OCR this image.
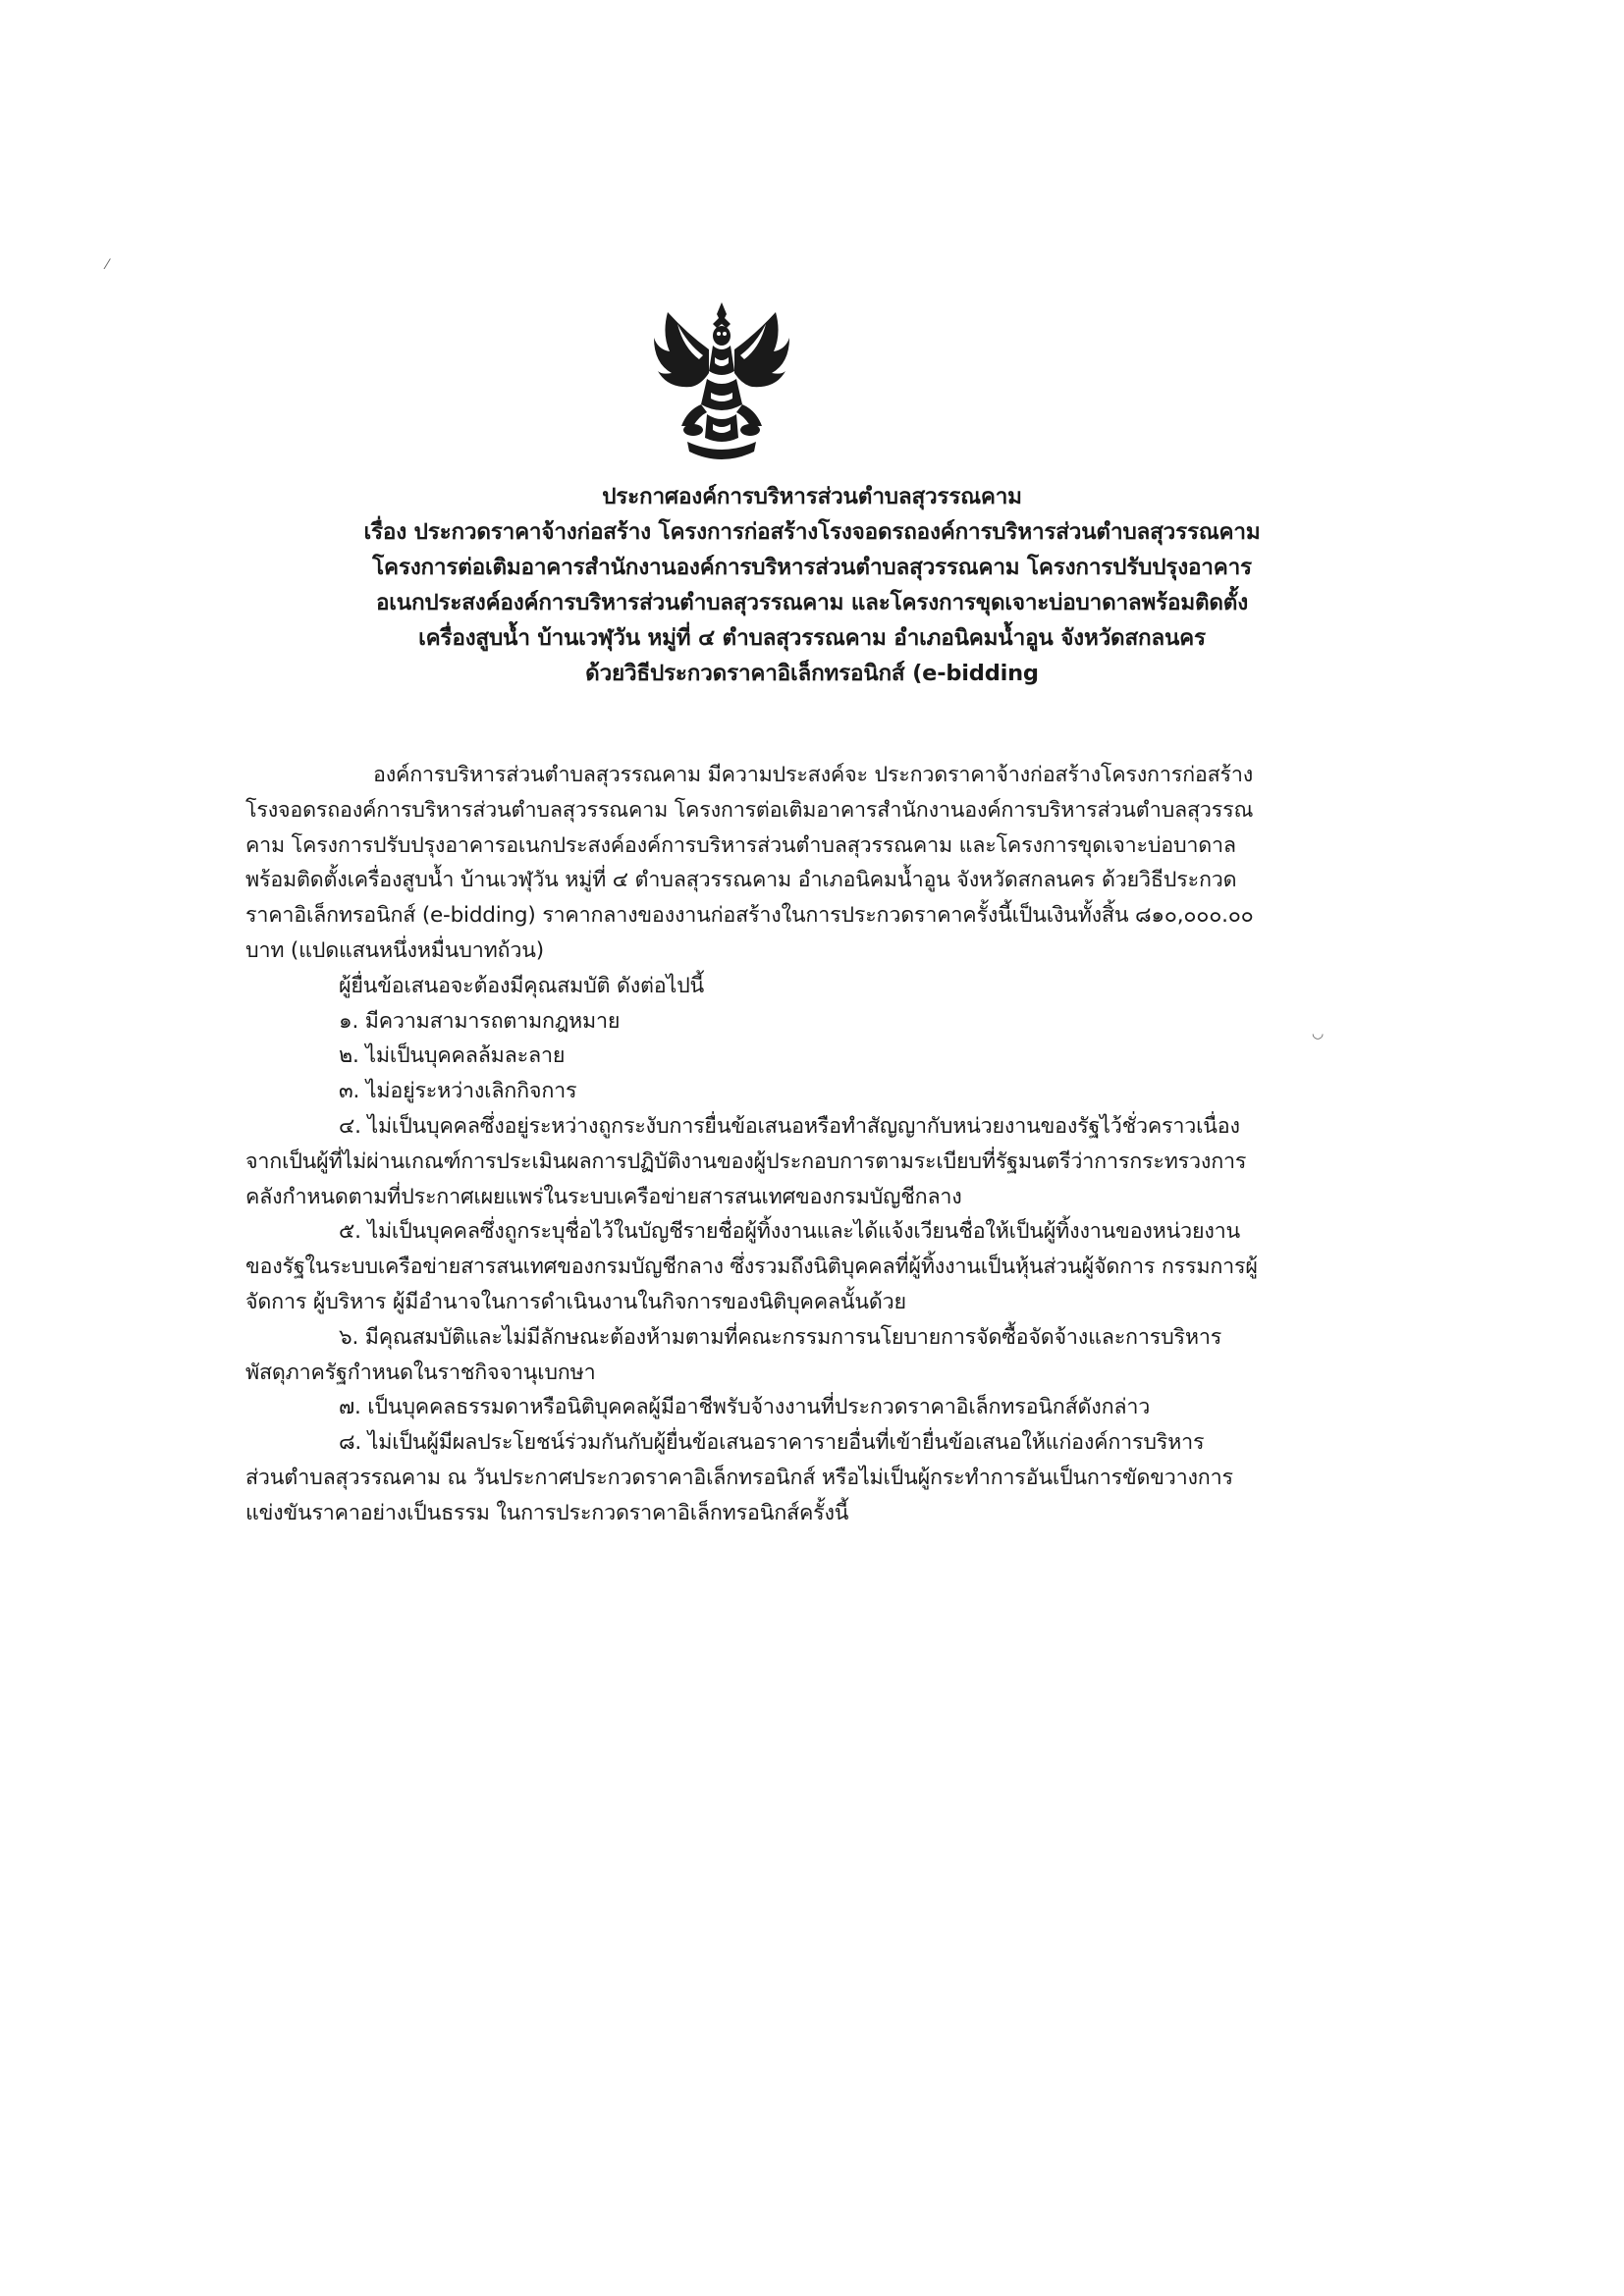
ประกาศองค์การบริหารส่วนตำบลสุวรรณคาม
เรื่อง ประกวดราคาจ้างก่อสร้าง โครงการก่อสร้างโรงจอดรถองค์การบริหารส่วนตำบลสุวรรณคาม
โครงการต่อเติมอาคารสำนักงานองค์การบริหารส่วนตำบลสุวรรณคาม โครงการปรับปรุงอาคาร
อเนกประสงค์องค์การบริหารส่วนตำบลสุวรรณคาม และโครงการขุดเจาะบ่อบาดาลพร้อมติดตั้ง
เครื่องสูบน้ำ บ้านเวฬุวัน หมู่ที่ ๔ ตำบลสุวรรณคาม อำเภอนิคมน้ำอูน จังหวัดสกลนคร
ด้วยวิธีประกวดราคาอิเล็กทรอนิกส์ (e-bidding

องค์การบริหารส่วนตำบลสุวรรณคาม มีความประสงค์จะ ประกวดราคาจ้างก่อสร้างโครงการก่อสร้าง
โรงจอดรถองค์การบริหารส่วนตำบลสุวรรณคาม โครงการต่อเติมอาคารสำนักงานองค์การบริหารส่วนตำบลสุวรรณ
คาม โครงการปรับปรุงอาคารอเนกประสงค์องค์การบริหารส่วนตำบลสุวรรณคาม และโครงการขุดเจาะบ่อบาดาล
พร้อมติดตั้งเครื่องสูบน้ำ บ้านเวฬุวัน หมู่ที่ ๔ ตำบลสุวรรณคาม อำเภอนิคมน้ำอูน จังหวัดสกลนคร ด้วยวิธีประกวด
ราคาอิเล็กทรอนิกส์ (e-bidding) ราคากลางของงานก่อสร้างในการประกวดราคาครั้งนี้เป็นเงินทั้งสิ้น ๘๑๐,๐๐๐.๐๐
บาท (แปดแสนหนึ่งหมื่นบาทถ้วน)

ผู้ยื่นข้อเสนอจะต้องมีคุณสมบัติ ดังต่อไปนี้

๑. มีความสามารถตามกฎหมาย

๒. ไม่เป็นบุคคลล้มละลาย

๓. ไม่อยู่ระหว่างเลิกกิจการ

๔. ไม่เป็นบุคคลซึ่งอยู่ระหว่างถูกระงับการยื่นข้อเสนอหรือทำสัญญากับหน่วยงานของรัฐไว้ชั่วคราวเนื่อง
จากเป็นผู้ที่ไม่ผ่านเกณฑ์การประเมินผลการปฏิบัติงานของผู้ประกอบการตามระเบียบที่รัฐมนตรีว่าการกระทรวงการ
คลังกำหนดตามที่ประกาศเผยแพร่ในระบบเครือข่ายสารสนเทศของกรมบัญชีกลาง

๕. ไม่เป็นบุคคลซึ่งถูกระบุชื่อไว้ในบัญชีรายชื่อผู้ทิ้งงานและได้แจ้งเวียนชื่อให้เป็นผู้ทิ้งงานของหน่วยงาน
ของรัฐในระบบเครือข่ายสารสนเทศของกรมบัญชีกลาง ซึ่งรวมถึงนิติบุคคลที่ผู้ทิ้งงานเป็นหุ้นส่วนผู้จัดการ กรรมการผู้
จัดการ ผู้บริหาร ผู้มีอำนาจในการดำเนินงานในกิจการของนิติบุคคลนั้นด้วย

๖. มีคุณสมบัติและไม่มีลักษณะต้องห้ามตามที่คณะกรรมการนโยบายการจัดซื้อจัดจ้างและการบริหาร
พัสดุภาครัฐกำหนดในราชกิจจานุเบกษา

๗. เป็นบุคคลธรรมดาหรือนิติบุคคลผู้มีอาชีพรับจ้างงานที่ประกวดราคาอิเล็กทรอนิกส์ดังกล่าว

๘. ไม่เป็นผู้มีผลประโยชน์ร่วมกันกับผู้ยื่นข้อเสนอราคารายอื่นที่เข้ายื่นข้อเสนอให้แก่องค์การบริหาร
ส่วนตำบลสุวรรณคาม ณ วันประกาศประกวดราคาอิเล็กทรอนิกส์ หรือไม่เป็นผู้กระทำการอันเป็นการขัดขวางการ
แข่งขันราคาอย่างเป็นธรรม ในการประกวดราคาอิเล็กทรอนิกส์ครั้งนี้

⁄
◡
